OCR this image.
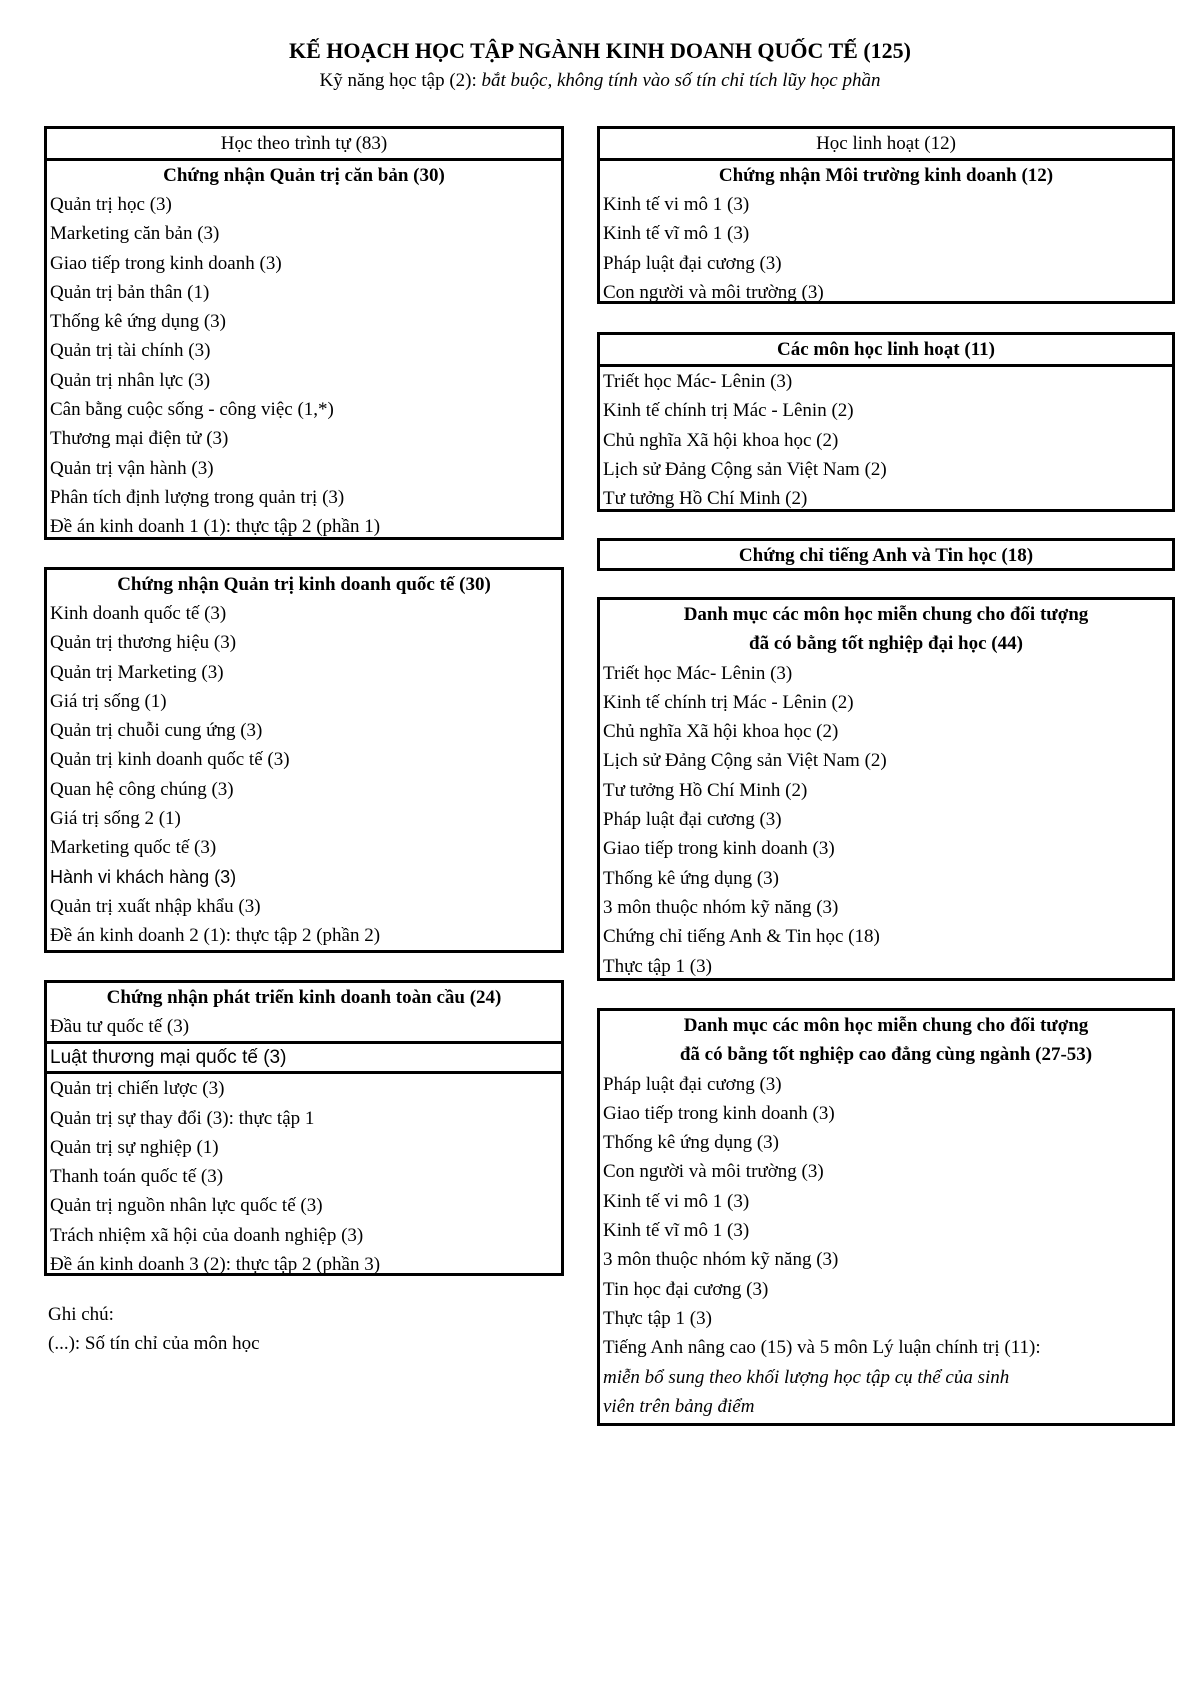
KẾ HOẠCH HỌC TẬP NGÀNH KINH DOANH QUỐC TẾ (125)
Kỹ năng học tập (2): bắt buộc, không tính vào số tín chỉ tích lũy học phần
Học theo trình tự (83)
Chứng nhận Quản trị căn bản (30)
Quản trị học (3)
Marketing căn bản (3)
Giao tiếp trong kinh doanh (3)
Quản trị bản thân (1)
Thống kê ứng dụng (3)
Quản trị tài chính (3)
Quản trị nhân lực (3)
Cân bằng cuộc sống - công việc (1,*)
Thương mại điện tử (3)
Quản trị vận hành (3)
Phân tích định lượng trong quản trị (3)
Đề án kinh doanh 1 (1): thực tập 2 (phần 1)
Chứng nhận Quản trị kinh doanh quốc tế (30)
Kinh doanh quốc tế (3)
Quản trị thương hiệu (3)
Quản trị Marketing (3)
Giá trị sống (1)
Quản trị chuỗi cung ứng (3)
Quản trị kinh doanh quốc tế (3)
Quan hệ công chúng (3)
Giá trị sống 2 (1)
Marketing quốc tế (3)
Hành vi khách hàng (3)
Quản trị xuất nhập khẩu (3)
Đề án kinh doanh 2 (1): thực tập 2 (phần 2)
Chứng nhận phát triển kinh doanh toàn cầu (24)
Đầu tư quốc tế (3)
Luật thương mại quốc tế (3)
Quản trị chiến lược (3)
Quản trị sự thay đổi (3): thực tập 1
Quản trị sự nghiệp (1)
Thanh toán quốc tế (3)
Quản trị nguồn nhân lực quốc tế (3)
Trách nhiệm xã hội của doanh nghiệp (3)
Đề án kinh doanh 3 (2): thực tập 2 (phần 3)
Ghi chú:
(...): Số tín chỉ của môn học
Học linh hoạt (12)
Chứng nhận Môi trường kinh doanh (12)
Kinh tế vi mô 1 (3)
Kinh tế vĩ mô 1 (3)
Pháp luật đại cương (3)
Con người và môi trường (3)
Các môn học linh hoạt (11)
Triết học Mác- Lênin (3)
Kinh tế chính trị Mác - Lênin (2)
Chủ nghĩa Xã hội khoa học (2)
Lịch sử Đảng Cộng sản Việt Nam (2)
Tư tưởng Hồ Chí Minh (2)
Chứng chỉ tiếng Anh và Tin học (18)
Danh mục các môn học miễn chung cho đối tượng
đã có bằng tốt nghiệp đại học (44)
Triết học Mác- Lênin (3)
Kinh tế chính trị Mác - Lênin (2)
Chủ nghĩa Xã hội khoa học (2)
Lịch sử Đảng Cộng sản Việt Nam (2)
Tư tưởng Hồ Chí Minh (2)
Pháp luật đại cương (3)
Giao tiếp trong kinh doanh (3)
Thống kê ứng dụng (3)
3 môn thuộc nhóm kỹ năng (3)
Chứng chỉ tiếng Anh & Tin học (18)
Thực tập 1 (3)
Danh mục các môn học miễn chung cho đối tượng
đã có bằng tốt nghiệp cao đẳng cùng ngành (27-53)
Pháp luật đại cương (3)
Giao tiếp trong kinh doanh (3)
Thống kê ứng dụng (3)
Con người và môi trường (3)
Kinh tế vi mô 1 (3)
Kinh tế vĩ mô 1 (3)
3 môn thuộc nhóm kỹ năng (3)
Tin học đại cương (3)
Thực tập 1 (3)
Tiếng Anh nâng cao (15) và 5 môn Lý luận chính trị (11):
miễn bổ sung theo khối lượng học tập cụ thể của sinh
viên trên bảng điểm
